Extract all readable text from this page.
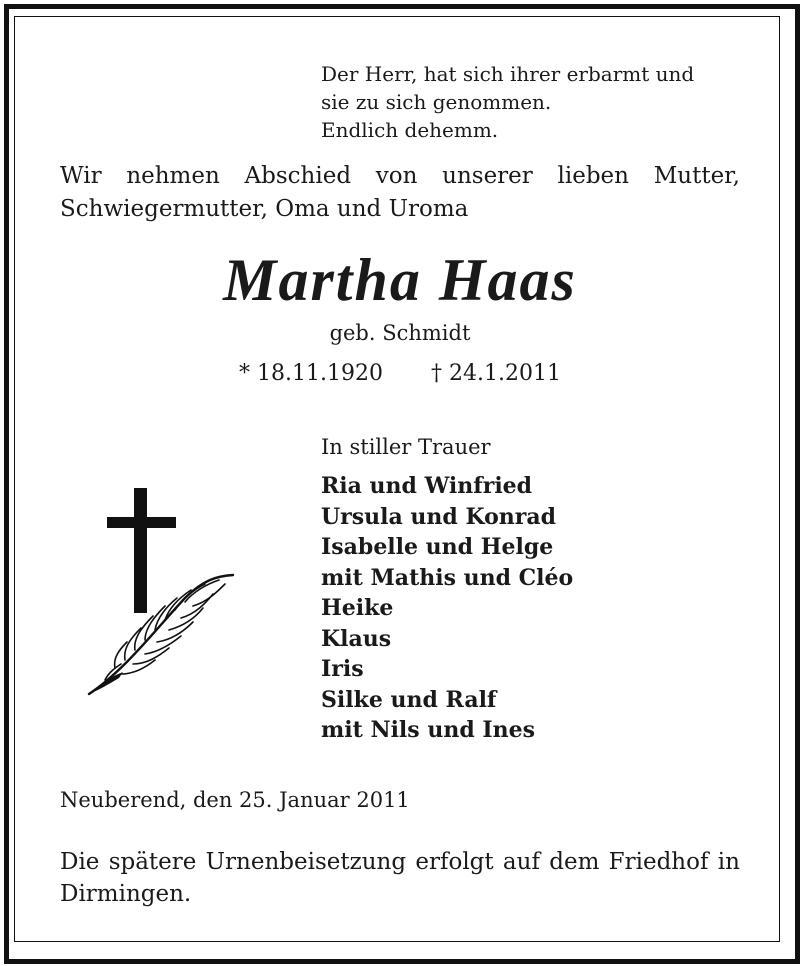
Der Herr, hat sich ihrer erbarmt und
sie zu sich genommen.
Endlich dehemm.
Wir nehmen Abschied von unserer lieben Mutter,
Schwiegermutter, Oma und Uroma
Martha Haas
geb. Schmidt
* 18.11.1920 † 24.1.2011
In stiller Trauer
Ria und Winfried
Ursula und Konrad
Isabelle und Helge
mit Mathis und Cléo
Heike
Klaus
Iris
Silke und Ralf
mit Nils und Ines
Neuberend, den 25. Januar 2011
Die spätere Urnenbeisetzung erfolgt auf dem Friedhof in
Dirmingen.
